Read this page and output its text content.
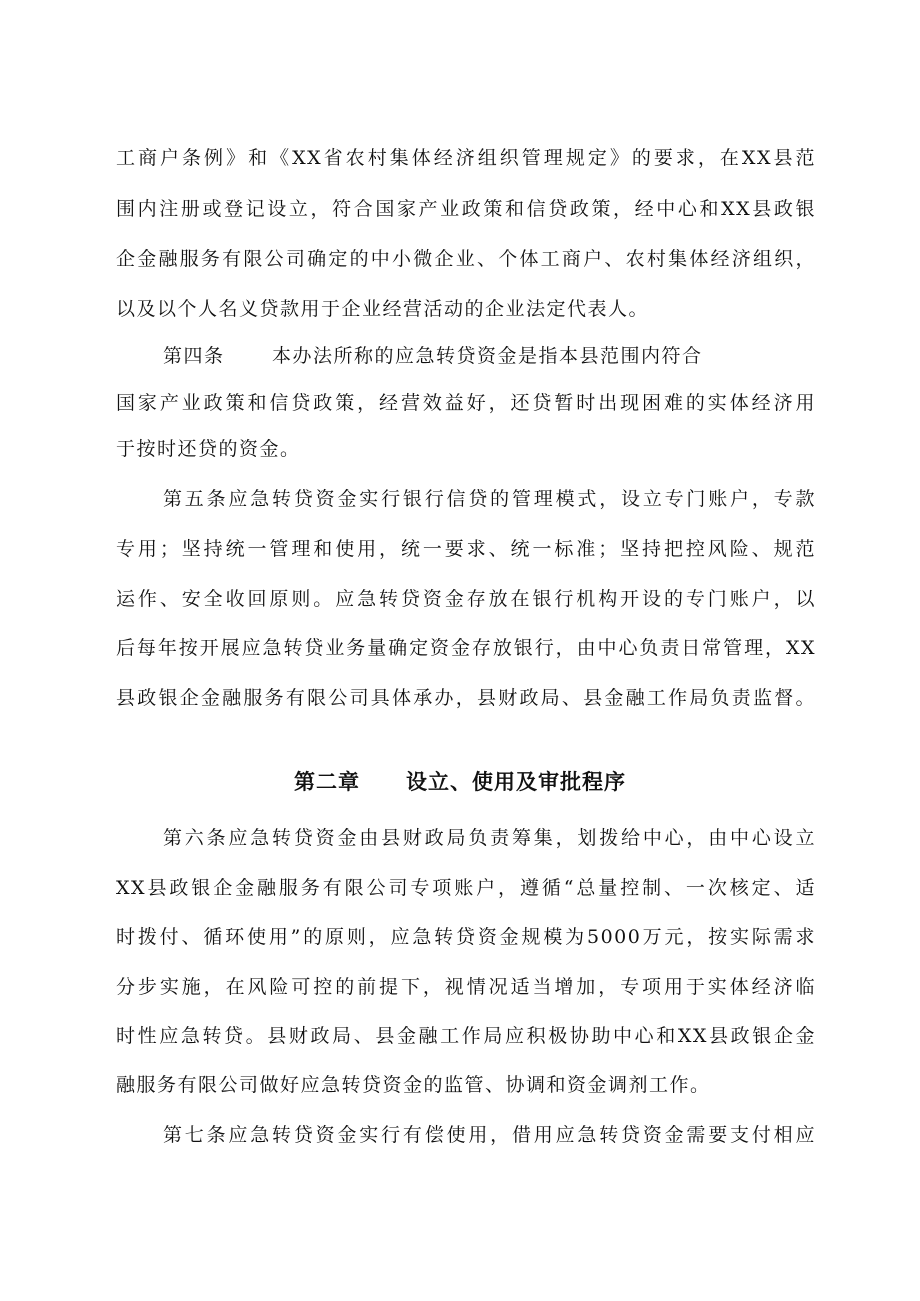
工商户条例》和《XX省农村集体经济组织管理规定》的要求，在XX县范
围内注册或登记设立，符合国家产业政策和信贷政策，经中心和XX县政银
企金融服务有限公司确定的中小微企业、个体工商户、农村集体经济组织，
以及以个人名义贷款用于企业经营活动的企业法定代表人。
第四条 本办法所称的应急转贷资金是指本县范围内符合
国家产业政策和信贷政策，经营效益好，还贷暂时出现困难的实体经济用
于按时还贷的资金。
第五条应急转贷资金实行银行信贷的管理模式，设立专门账户，专款
专用；坚持统一管理和使用，统一要求、统一标准；坚持把控风险、规范
运作、安全收回原则。应急转贷资金存放在银行机构开设的专门账户，以
后每年按开展应急转贷业务量确定资金存放银行，由中心负责日常管理，XX
县政银企金融服务有限公司具体承办，县财政局、县金融工作局负责监督。
第二章 设立、使用及审批程序
第六条应急转贷资金由县财政局负责筹集，划拨给中心，由中心设立
XX县政银企金融服务有限公司专项账户，遵循“总量控制、一次核定、适
时拨付、循环使用”的原则，应急转贷资金规模为5000万元，按实际需求
分步实施，在风险可控的前提下，视情况适当增加，专项用于实体经济临
时性应急转贷。县财政局、县金融工作局应积极协助中心和XX县政银企金
融服务有限公司做好应急转贷资金的监管、协调和资金调剂工作。
第七条应急转贷资金实行有偿使用，借用应急转贷资金需要支付相应
